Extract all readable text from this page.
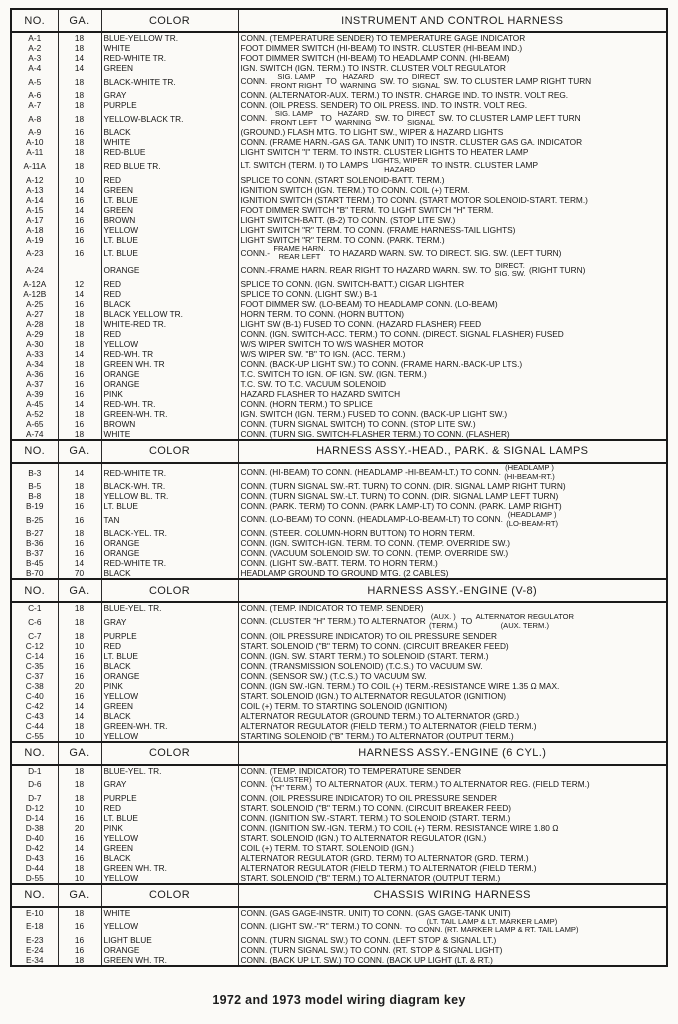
NO.	GA.	COLOR	INSTRUMENT AND CONTROL HARNESS
A-1	18	BLUE-YELLOW TR.	CONN. (TEMPERATURE SENDER) TO TEMPERATURE GAGE INDICATOR
A-2	18	WHITE	FOOT DIMMER SWITCH (HI-BEAM) TO INSTR. CLUSTER (HI-BEAM IND.)
A-3	14	RED-WHITE TR.	FOOT DIMMER SWITCH (HI-BEAM) TO HEADLAMP CONN. (HI-BEAM)
A-4	14	GREEN	IGN. SWITCH (IGN. TERM.) TO INSTR. CLUSTER VOLT REGULATOR
A-5	18	BLACK-WHITE TR.	CONN.	SIG. LAMP
FRONT RIGHT TO HAZARD
WARNING SW. TO DIRECT
SIGNAL SW. TO CLUSTER LAMP RIGHT TURN
A-6	18	GRAY	CONN. (ALTERNATOR-AUX. TERM.) TO INSTR. CHARGE IND. TO INSTR. VOLT REG.
A-7	18	PURPLE	CONN. (OIL PRESS. SENDER) TO OIL PRESS. IND. TO INSTR. VOLT REG.
A-8	18	YELLOW-BLACK TR.	CONN. SIG. LAMP
FRONT LEFT TO HAZARD
WARNING SW. TO DIRECT
SIGNAL SW. TO CLUSTER LAMP LEFT TURN
A-9	16	BLACK	(GROUND.) FLASH MTG. TO LIGHT SW., WIPER & HAZARD LIGHTS
A-10	18	WHITE	CONN. (FRAME HARN.-GAS GA. TANK UNIT) TO INSTR. CLUSTER GAS GA. INDICATOR
A-11	18	RED-BLUE	LIGHT SWITCH "I" TERM. TO INSTR. CLUSTER LIGHTS TO HEATER LAMP
A-11A	18	RED BLUE TR.	LT. SWITCH (TERM. I) TO LAMPS LIGHTS, WIPER
HAZARD TO INSTR. CLUSTER LAMP
A-12	10	RED	SPLICE TO CONN. (START SOLENOID-BATT. TERM.)
A-13	14	GREEN	IGNITION SWITCH (IGN. TERM.) TO CONN. COIL (+) TERM.
A-14	16	LT. BLUE	IGNITION SWITCH (START TERM.) TO CONN. (START MOTOR SOLENOID-START. TERM.)
A-15	14	GREEN	FOOT DIMMER SWITCH "B" TERM. TO LIGHT SWITCH "H" TERM.
A-17	16	BROWN	LIGHT SWITCH-BATT. (B-2) TO CONN. (STOP LITE SW.)
A-18	16	YELLOW	LIGHT SWITCH "R" TERM. TO CONN. (FRAME HARNESS-TAIL LIGHTS)
A-19	16	LT. BLUE	LIGHT SWITCH "R" TERM. TO CONN. (PARK. TERM.)
A-23	16	LT. BLUE	CONN.- FRAME HARN.
REAR LEFT TO HAZARD WARN. SW. TO DIRECT. SIG. SW. (LEFT TURN)
A-24		ORANGE	CONN.-FRAME HARN. REAR RIGHT TO HAZARD WARN. SW. TO DIRECT.
SIG. SW. (RIGHT TURN)
A-12A	12	RED	SPLICE TO CONN. (IGN. SWITCH-BATT.) CIGAR LIGHTER
A-12B	14	RED	SPLICE TO CONN. (LIGHT SW.) B-1
A-25	16	BLACK	FOOT DIMMER SW. (LO-BEAM) TO HEADLAMP CONN. (LO-BEAM)
A-27	18	BLACK YELLOW TR.	HORN TERM. TO CONN. (HORN BUTTON)
A-28	18	WHITE-RED TR.	LIGHT SW (B-1) FUSED TO CONN. (HAZARD FLASHER) FEED
A-29	18	RED	CONN. (IGN. SWITCH-ACC. TERM.) TO CONN. (DIRECT. SIGNAL FLASHER) FUSED
A-30	18	YELLOW	W/S WIPER SWITCH TO W/S WASHER MOTOR
A-33	14	RED-WH. TR	W/S WIPER SW. "B" TO IGN. (ACC. TERM.)
A-34	18	GREEN WH. TR	CONN. (BACK-UP LIGHT SW.) TO CONN. (FRAME HARN.-BACK-UP LTS.)
A-36	16	ORANGE	T.C. SWITCH TO IGN. OF IGN. SW. (IGN. TERM.)
A-37	16	ORANGE	T.C. SW. TO T.C. VACUUM SOLENOID
A-39	16	PINK	HAZARD FLASHER TO HAZARD SWITCH
A-45	14	RED-WH. TR.	CONN. (HORN TERM.) TO SPLICE
A-52	18	GREEN-WH. TR.	IGN. SWITCH (IGN. TERM.) FUSED TO CONN. (BACK-UP LIGHT SW.)
A-65	16	BROWN	CONN. (TURN SIGNAL SWITCH) TO CONN. (STOP LITE SW.)
A-74	18	WHITE	CONN. (TURN SIG. SWITCH-FLASHER TERM.) TO CONN. (FLASHER)
NO.	GA.	COLOR	HARNESS ASSY.-HEAD., PARK. & SIGNAL LAMPS
B-3	14	RED-WHITE TR.	CONN. (HI-BEAM) TO CONN. (HEADLAMP -HI-BEAM-LT.) TO CONN. (HEADLAMP )
(HI-BEAM-RT.)

B-5	18	BLACK-WH. TR.	CONN. (TURN SIGNAL SW.-RT. TURN) TO CONN. (DIR. SIGNAL LAMP RIGHT TURN)
B-8	18	YELLOW BL. TR.	CONN. (TURN SIGNAL SW.-LT. TURN) TO CONN. (DIR. SIGNAL LAMP LEFT TURN)
B-19	16	LT. BLUE	CONN. (PARK. TERM) TO CONN. (PARK LAMP-LT) TO CONN. (PARK. LAMP RIGHT)
B-25	16	TAN	CONN. (LO-BEAM) TO CONN. (HEADLAMP-LO-BEAM-LT) TO CONN. (HEADLAMP )
(LO-BEAM-RT)

B-27	18	BLACK-YEL. TR.	CONN. (STEER. COLUMN-HORN BUTTON) TO HORN TERM.
B-36	16	ORANGE	CONN. (IGN. SWITCH-IGN. TERM. TO CONN. (TEMP. OVERRIDE SW.)
B-37	16	ORANGE	CONN. (VACUUM SOLENOID SW. TO CONN. (TEMP. OVERRIDE SW.)
B-45	14	RED-WHITE TR.	CONN. (LIGHT SW.-BATT. TERM. TO HORN TERM.)
B-70	70	BLACK	HEADLAMP GROUND TO GROUND MTG. (2 CABLES)
NO.	GA.	COLOR	HARNESS ASSY.-ENGINE (V-8)
C-1	18	BLUE-YEL. TR.	CONN. (TEMP. INDICATOR TO TEMP. SENDER)
C-6	18	GRAY	CONN. (CLUSTER "H" TERM.) TO ALTERNATOR (AUX. )
(TERM.) TO ALTERNATOR REGULATOR
(AUX. TERM.)

C-7	18	PURPLE	CONN. (OIL PRESSURE INDICATOR) TO OIL PRESSURE SENDER
C-12	10	RED	START. SOLENOID ("B" TERM) TO CONN. (CIRCUIT BREAKER FEED)
C-14	16	LT. BLUE	CONN. (IGN. SW. START TERM.) TO SOLENOID (START. TERM.)
C-35	16	BLACK	CONN. (TRANSMISSION SOLENOID) (T.C.S.) TO VACUUM SW.
C-37	16	ORANGE	CONN. (SENSOR SW.) (T.C.S.) TO VACUUM SW.
C-38	20	PINK	CONN. (IGN SW.-IGN. TERM.) TO COIL (+) TERM.-RESISTANCE WIRE 1.35 Ω MAX.
C-40	16	YELLOW	START. SOLENOID (IGN.) TO ALTERNATOR REGULATOR (IGNITION)
C-42	14	GREEN	COIL (+) TERM. TO STARTING SOLENOID (IGNITION)
C-43	14	BLACK	ALTERNATOR REGULATOR (GROUND TERM.) TO ALTERNATOR (GRD.)
C-44	18	GREEN-WH. TR.	ALTERNATOR REGULATOR (FIELD TERM.) TO ALTERNATOR (FIELD TERM.)
C-55	10	YELLOW	STARTING SOLENOID ("B" TERM.) TO ALTERNATOR (OUTPUT TERM.)
NO.	GA.	COLOR	HARNESS ASSY.-ENGINE (6 CYL.)
D-1	18	BLUE-YEL. TR.	CONN. (TEMP. INDICATOR) TO TEMPERATURE SENDER
D-6	18	GRAY	CONN. (CLUSTER)
("H" TERM.) TO ALTERNATOR (AUX. TERM.) TO ALTERNATOR REG. (FIELD TERM.)
D-7	18	PURPLE	CONN. (OIL PRESSURE INDICATOR) TO OIL PRESSURE SENDER
D-12	10	RED	START. SOLENOID ("B" TERM.) TO CONN. (CIRCUIT BREAKER FEED)
D-14	16	LT. BLUE	CONN. (IGNITION SW.-START. TERM.) TO SOLENOID (START. TERM.)
D-38	20	PINK	CONN. (IGNITION SW.-IGN. TERM.) TO COIL (+) TERM. RESISTANCE WIRE 1.80 Ω
D-40	16	YELLOW	START. SOLENOID (IGN.) TO ALTERNATOR REGULATOR (IGN.)
D-42	14	GREEN	COIL (+) TERM. TO START. SOLENOID (IGN.)
D-43	16	BLACK	ALTERNATOR REGULATOR (GRD. TERM) TO ALTERNATOR (GRD. TERM.)
D-44	18	GREEN WH. TR.	ALTERNATOR REGULATOR (FIELD TERM.) TO ALTERNATOR (FIELD TERM.)
D-55	10	YELLOW	START. SOLENOID ("B" TERM.) TO ALTERNATOR (OUTPUT TERM.)
NO.	GA.	COLOR	CHASSIS WIRING HARNESS
E-10	18	WHITE	CONN. (GAS GAGE-INSTR. UNIT) TO CONN. (GAS GAGE-TANK UNIT)
E-18	16	YELLOW	CONN. (LIGHT SW.-"R" TERM.) TO CONN. (LT. TAIL LAMP & LT. MARKER LAMP)
TO CONN. (RT. MARKER LAMP & RT. TAIL LAMP)

E-23	16	LIGHT BLUE	CONN. (TURN SIGNAL SW.) TO CONN. (LEFT STOP & SIGNAL LT.)
E-24	16	ORANGE	CONN. (TURN SIGNAL SW.) TO CONN. (RT. STOP & SIGNAL LIGHT)
E-34	18	GREEN WH. TR.	CONN. (BACK UP LT. SW.) TO CONN. (BACK UP LIGHT (LT. & RT.)
1972 and 1973 model wiring diagram key
